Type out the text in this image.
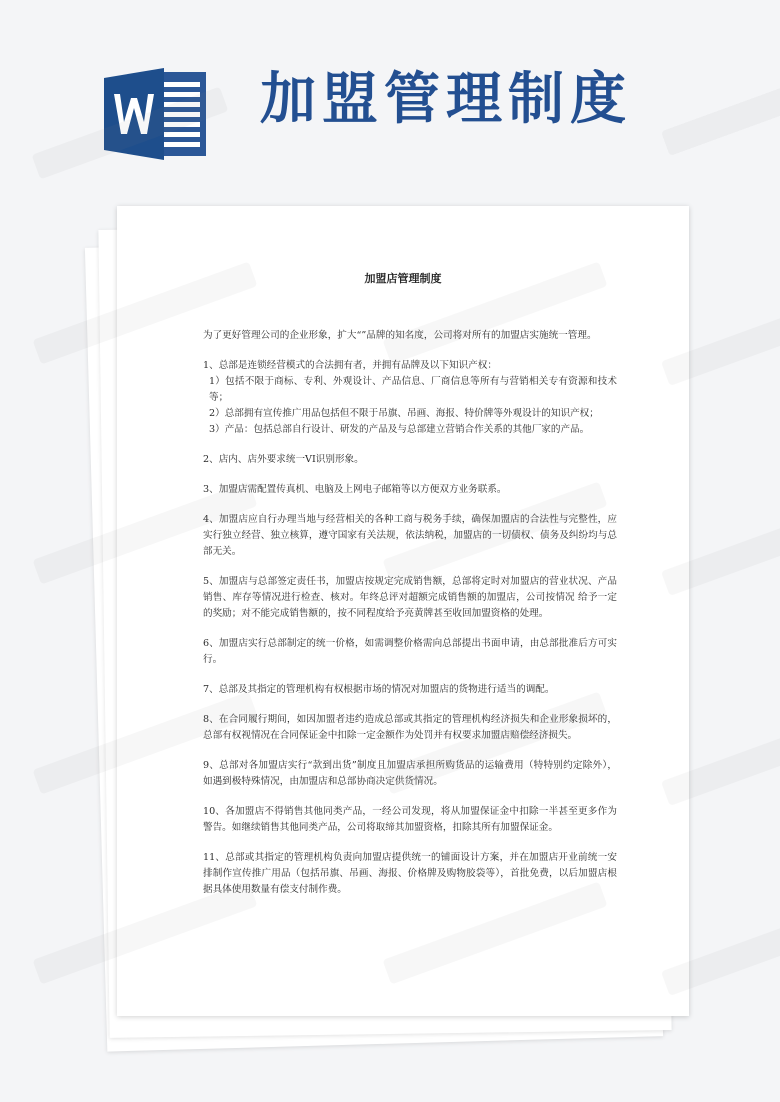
加盟管理制度
加盟店管理制度

为了更好管理公司的企业形象，扩大“”品牌的知名度，公司将对所有的加盟店实施统一管理。

1、总部是连锁经营模式的合法拥有者，并拥有品牌及以下知识产权：
1）包括不限于商标、专利、外观设计、产品信息、厂商信息等所有与营销相关专有资源和技术等；
2）总部拥有宣传推广用品包括但不限于吊旗、吊画、海报、特价牌等外观设计的知识产权；
3）产品：包括总部自行设计、研发的产品及与总部建立营销合作关系的其他厂家的产品。

2、店内、店外要求统一VI识别形象。

3、加盟店需配置传真机、电脑及上网电子邮箱等以方便双方业务联系。

4、加盟店应自行办理当地与经营相关的各种工商与税务手续，确保加盟店的合法性与完整性，应实行独立经营、独立核算，遵守国家有关法规，依法纳税，加盟店的一切债权、债务及纠纷均与总部无关。

5、加盟店与总部签定责任书，加盟店按规定完成销售额，总部将定时对加盟店的营业状况、产品销售、库存等情况进行检查、核对。年终总评对超额完成销售额的加盟店，公司按情况 给予一定的奖励；对不能完成销售额的，按不同程度给予亮黄牌甚至收回加盟资格的处理。

6、加盟店实行总部制定的统一价格，如需调整价格需向总部提出书面申请，由总部批准后方可实行。

7、总部及其指定的管理机构有权根据市场的情况对加盟店的货物进行适当的调配。

8、在合同履行期间，如因加盟者违约造成总部或其指定的管理机构经济损失和企业形象损坏的，总部有权视情况在合同保证金中扣除一定金额作为处罚并有权要求加盟店赔偿经济损失。

9、总部对各加盟店实行“款到出货”制度且加盟店承担所购货品的运输费用（特特别约定除外），如遇到极特殊情况，由加盟店和总部协商决定供货情况。

10、各加盟店不得销售其他同类产品，一经公司发现，将从加盟保证金中扣除一半甚至更多作为警告。如继续销售其他同类产品，公司将取缔其加盟资格，扣除其所有加盟保证金。

11、总部或其指定的管理机构负责向加盟店提供统一的铺面设计方案，并在加盟店开业前统一安排制作宣传推广用品（包括吊旗、吊画、海报、价格牌及购物胶袋等），首批免费，以后加盟店根据具体使用数量有偿支付制作费。
